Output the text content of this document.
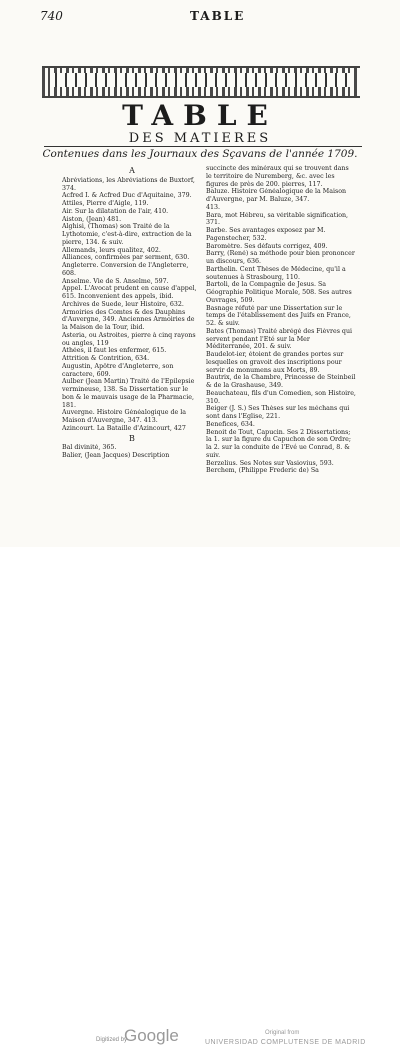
740	TABLE
TABLE
DES MATIERES
Contenues dans les Journaux des Sçavans de l'année 1709.
A
Abréviations, les Abréviations de Buxtorf, 374.
Acfred I. & Acfred Duc d'Aquitaine, 379.
Attiles, Pierre d'Aigle, 119.
Air. Sur la dilatation de l'air, 410.
Aiston, (Jean) 481.
Alghisi, (Thomas) son Traité de la Lythotomie, c'est-à-dire, extraction de la pierre, 134. & suiv.
Allemands, leurs qualitez, 402.
Alliances, confirmées par serment, 630.
Angleterre. Conversion de l'Angleterre, 608.
Anselme. Vie de S. Anselme, 597.
Appel. L'Avocat prudent en cause d'appel, 615. Inconvenient des appels, ibid.
Archives de Suede, leur Histoire, 632.
Armoiries des Comtes & des Dauphins d'Auvergne, 349. Anciennes Armoiries de la Maison de la Tour, ibid.
Asteria, ou Astroites, pierre à cinq rayons ou angles, 119
Athées, il faut les enfermer, 615.
Attrition & Contrition, 634.
Augustin, Apôtre d'Angleterre, son caractere, 609.
Aulber (Jean Martin) Traité de l'Epilepsie vermineuse, 138. Sa Dissertation sur le bon & le mauvais usage de la Pharmacie, 181.
Auvergne. Histoire Généalogique de la Maison d'Auvergne, 347. 413.
Azincourt. La Bataille d'Azincourt, 427
B
Bal divinité, 365.
Balier, (Jean Jacques) Description
succincte des minéraux qui se trouvent dans le territoire de Nuremberg, &c. avec les figures de près de 200. pierres, 117.
Baluze. Histoire Généalogique de la Maison d'Auvergne, par M. Baluze, 347.
413.
Bara, mot Hébreu, sa véritable signification, 371.
Barbe. Ses avantages exposez par M. Pagenstecher, 532.
Baromètre. Ses défauts corrigez, 409.
Barry, (René) sa méthode pour bien prononcer un discours, 636.
Barthelin. Cent Thèses de Médecine, qu'il a soutenues à Strasbourg, 110.
Bartoli, de la Compagnie de Jesus. Sa Géographie Politique Morale, 508. Ses autres Ouvrages, 509.
Basnage réfuté par une Dissertation sur le temps de l'établissement des Juifs en France, 52. & suiv.
Bates (Thomas) Traité abrégé des Fièvres qui servent pendant l'Eté sur la Mer Méditerranée, 201. & suiv.
Baudelot-ier, étoient de grandes portes sur lesquelles on gravoit des inscriptions pour servir de monumens aux Morts, 89.
Bautrix, de la Chambre, Princesse de Steinbeil & de la Grashause, 349.
Beauchateau, fils d'un Comedien, son Histoire, 310.
Beiger (J. S.) Ses Thèses sur les méchans qui sont dans l'Eglise, 221.
Benefices, 634.
Benoit de Tout, Capucin. Ses 2 Dissertations; la 1. sur la figure du Capuchon de son Ordre; la 2. sur la conduite de l'Evé ue Conrad, 8. & suiv.
Berzelius. Ses Notes sur Vasiovius, 593.
Berchem, (Philippe Frederic de) Sa
Digitized by
Google	Original from
UNIVERSIDAD COMPLUTENSE DE MADRID
